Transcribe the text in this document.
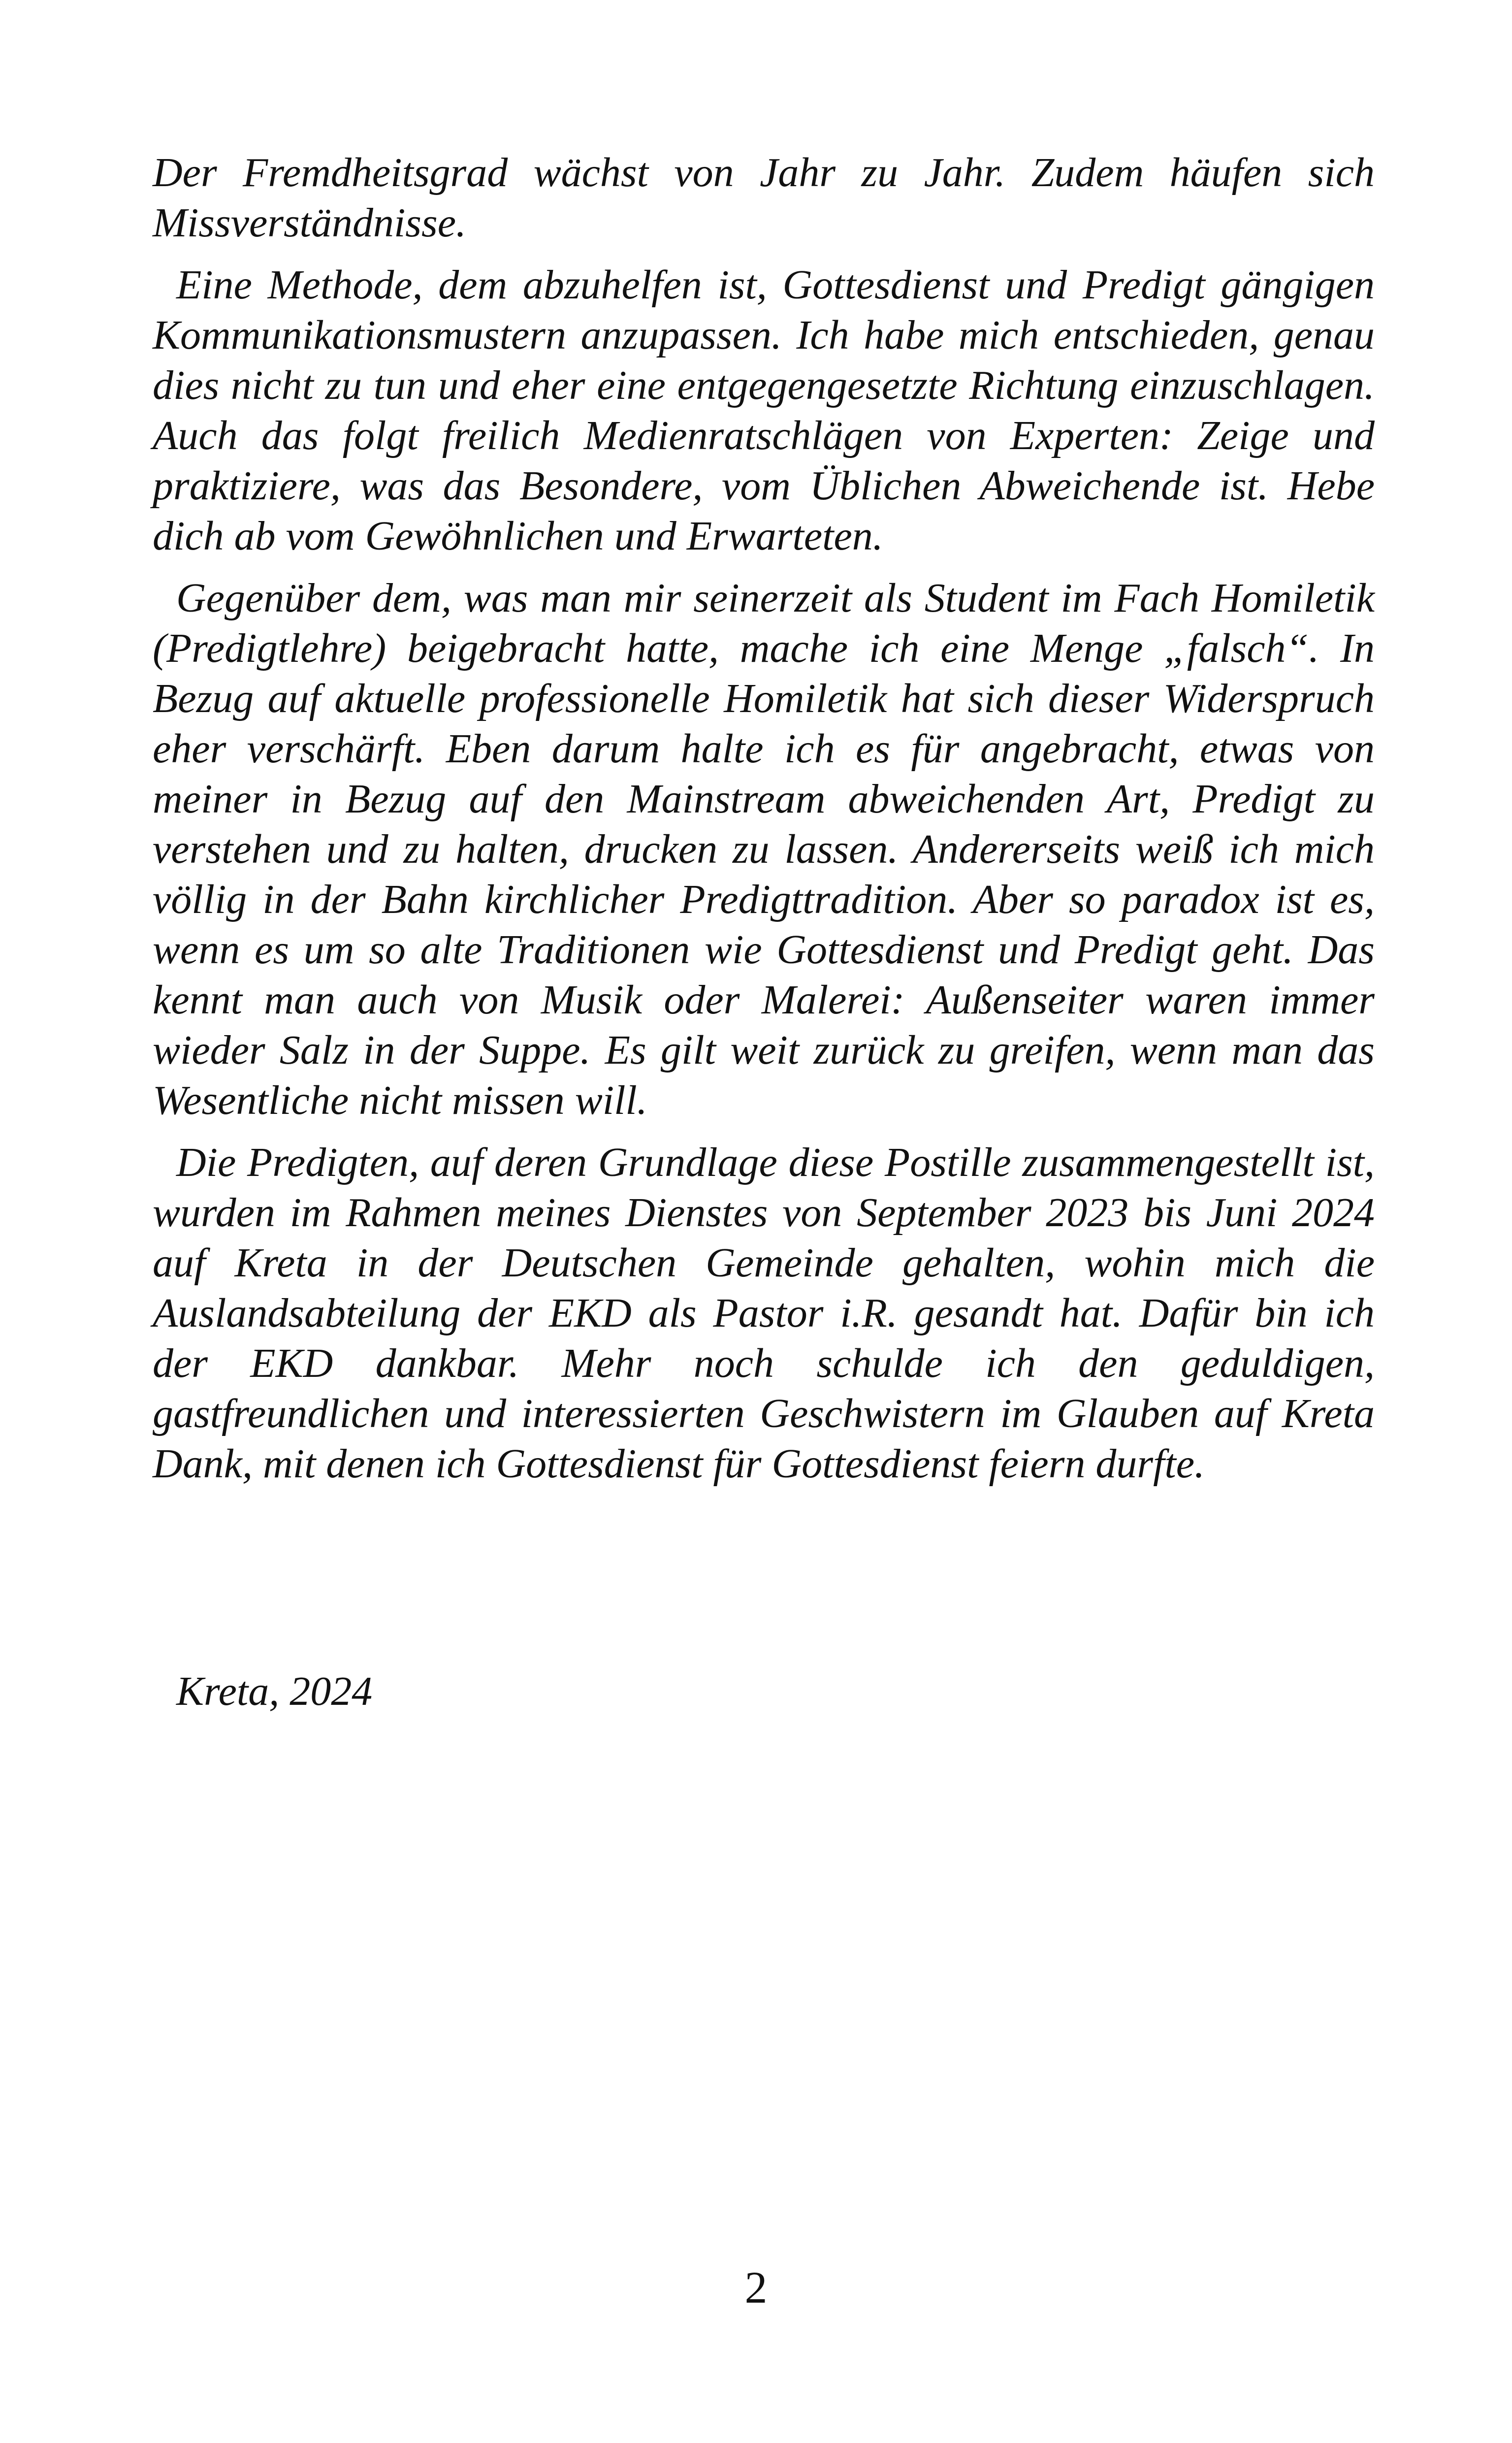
Der Fremdheitsgrad wächst von Jahr zu Jahr. Zudem häufen sich Missverständnisse.

Eine Methode, dem abzuhelfen ist, Gottesdienst und Predigt gängigen Kommunikationsmustern anzupassen. Ich habe mich entschieden, genau dies nicht zu tun und eher eine entgegengesetzte Richtung einzuschlagen. Auch das folgt freilich Medienratschlägen von Experten: Zeige und praktiziere, was das Besondere, vom Üblichen Abweichende ist. Hebe dich ab vom Gewöhnlichen und Erwarteten.

Gegenüber dem, was man mir seinerzeit als Student im Fach Homiletik (Predigtlehre) beigebracht hatte, mache ich eine Menge „falsch“. In Bezug auf aktuelle professionelle Homiletik hat sich dieser Widerspruch eher verschärft. Eben darum halte ich es für angebracht, etwas von meiner in Bezug auf den Mainstream abweichenden Art, Predigt zu verstehen und zu halten, drucken zu lassen. Andererseits weiß ich mich völlig in der Bahn kirchlicher Predigttradition. Aber so paradox ist es, wenn es um so alte Traditionen wie Gottesdienst und Predigt geht. Das kennt man auch von Musik oder Malerei: Außenseiter waren immer wieder Salz in der Suppe. Es gilt weit zurück zu greifen, wenn man das Wesentliche nicht missen will.

Die Predigten, auf deren Grundlage diese Postille zusammengestellt ist, wurden im Rahmen meines Dienstes von September 2023 bis Juni 2024 auf Kreta in der Deutschen Gemeinde gehalten, wohin mich die Auslandsabteilung der EKD als Pastor i.R. gesandt hat. Dafür bin ich der EKD dankbar. Mehr noch schulde ich den geduldigen, gastfreundlichen und interessierten Geschwistern im Glauben auf Kreta Dank, mit denen ich Gottesdienst für Gottesdienst feiern durfte.

Kreta, 2024
2
